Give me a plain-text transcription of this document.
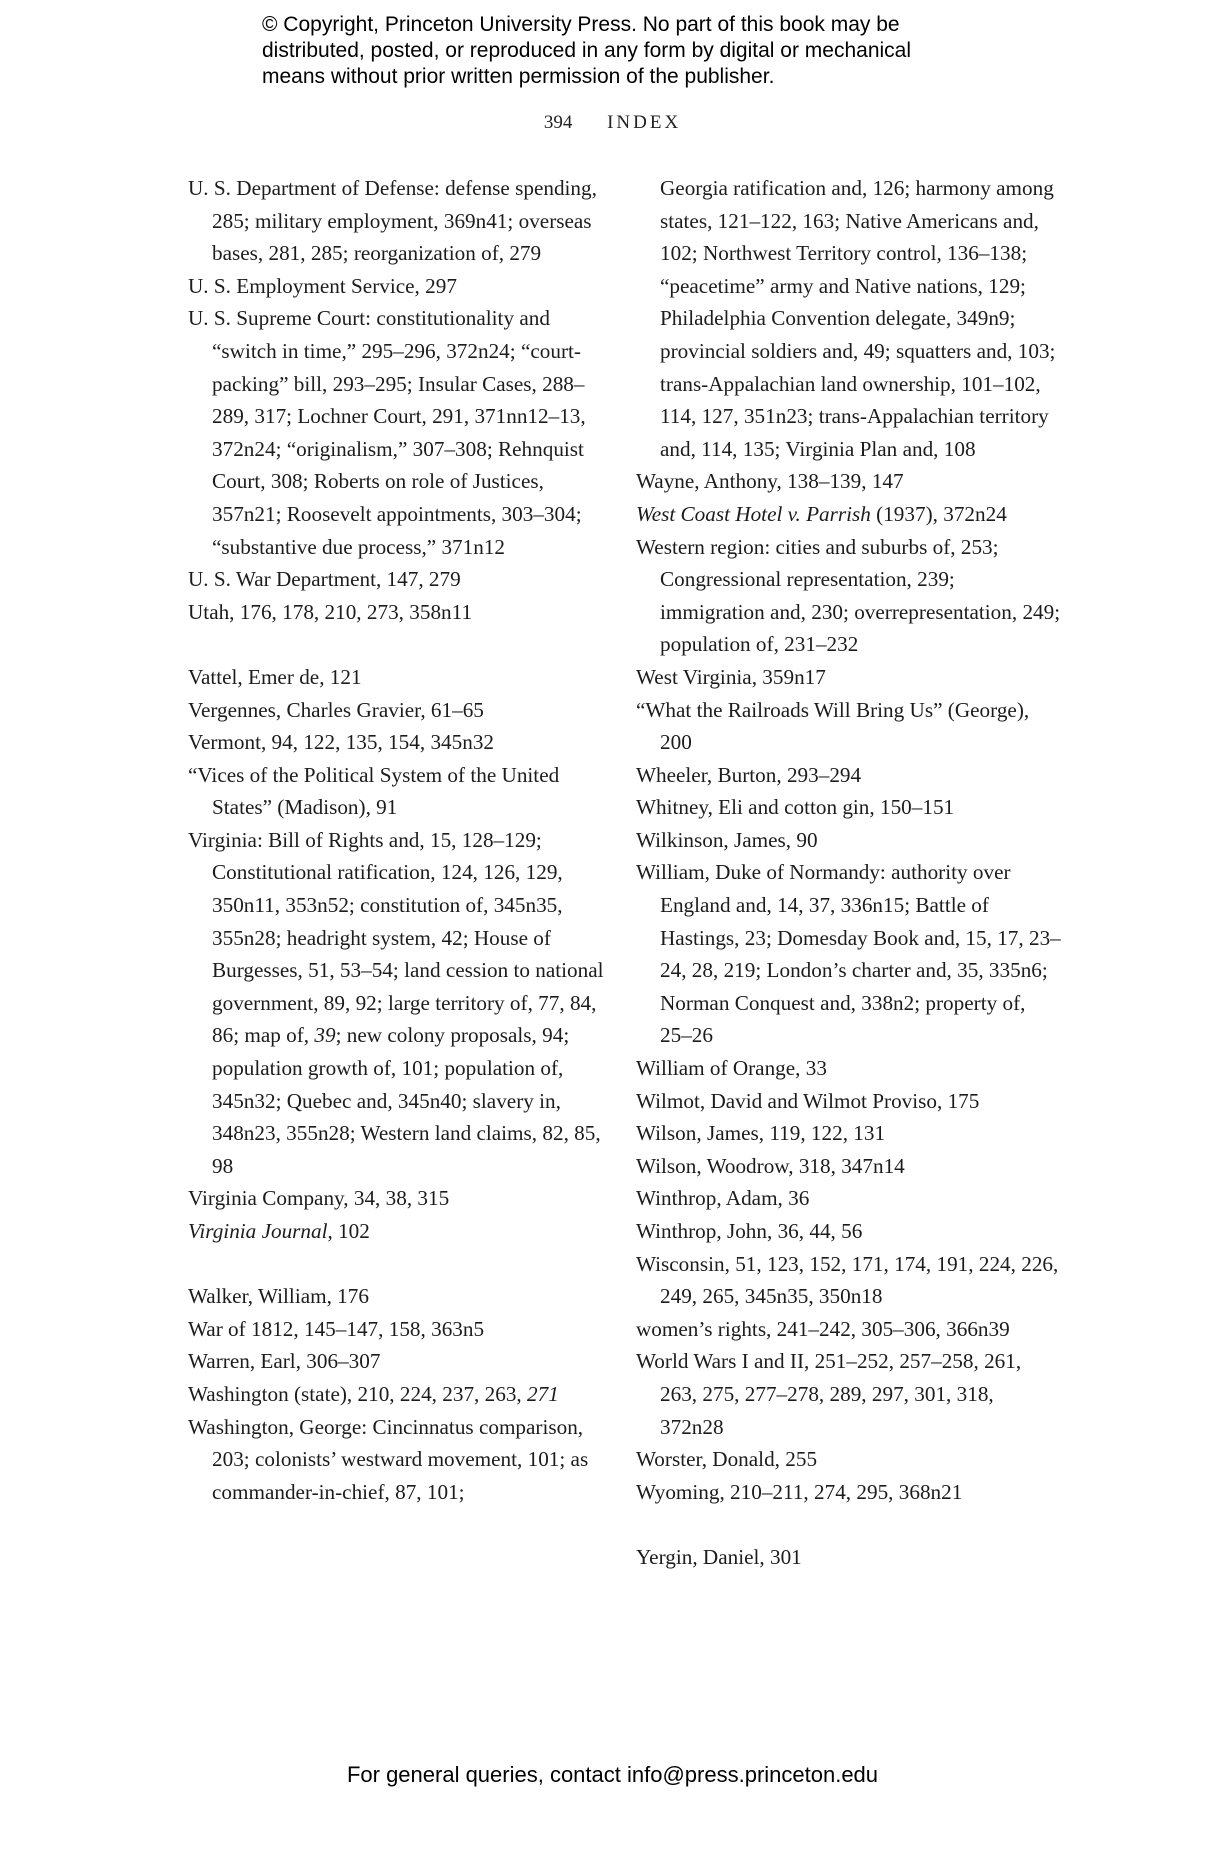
© Copyright, Princeton University Press. No part of this book may be
distributed, posted, or reproduced in any form by digital or mechanical
means without prior written permission of the publisher.
394 INDEX

U. S. Department of Defense: defense spending, 285; military employment, 369n41; overseas bases, 281, 285; reorganization of, 279

U. S. Employment Service, 297

U. S. Supreme Court: constitutionality and “switch in time,” 295–296, 372n24; “court-packing” bill, 293–295; Insular Cases, 288–289, 317; Lochner Court, 291, 371nn12–13, 372n24; “originalism,” 307–308; Rehnquist Court, 308; Roberts on role of Justices, 357n21; Roosevelt appointments, 303–304; “substantive due process,” 371n12

U. S. War Department, 147, 279

Utah, 176, 178, 210, 273, 358n11

Vattel, Emer de, 121

Vergennes, Charles Gravier, 61–65

Vermont, 94, 122, 135, 154, 345n32

“Vices of the Political System of the United States” (Madison), 91

Virginia: Bill of Rights and, 15, 128–129; Constitutional ratification, 124, 126, 129, 350n11, 353n52; constitution of, 345n35, 355n28; headright system, 42; House of Burgesses, 51, 53–54; land cession to national government, 89, 92; large territory of, 77, 84, 86; map of, 39; new colony proposals, 94; population growth of, 101; population of, 345n32; Quebec and, 345n40; slavery in, 348n23, 355n28; Western land claims, 82, 85, 98

Virginia Company, 34, 38, 315

Virginia Journal, 102

Walker, William, 176

War of 1812, 145–147, 158, 363n5

Warren, Earl, 306–307

Washington (state), 210, 224, 237, 263, 271

Washington, George: Cincinnatus comparison, 203; colonists’ westward movement, 101; as commander-in-chief, 87, 101;

Georgia ratification and, 126; harmony among states, 121–122, 163; Native Americans and, 102; Northwest Territory control, 136–138; “peacetime” army and Native nations, 129; Philadelphia Convention delegate, 349n9; provincial soldiers and, 49; squatters and, 103; trans-Appalachian land ownership, 101–102, 114, 127, 351n23; trans-Appalachian territory and, 114, 135; Virginia Plan and, 108

Wayne, Anthony, 138–139, 147

West Coast Hotel v. Parrish (1937), 372n24

Western region: cities and suburbs of, 253; Congressional representation, 239; immigration and, 230; overrepresentation, 249; population of, 231–232

West Virginia, 359n17

“What the Railroads Will Bring Us” (George), 200

Wheeler, Burton, 293–294

Whitney, Eli and cotton gin, 150–151

Wilkinson, James, 90

William, Duke of Normandy: authority over England and, 14, 37, 336n15; Battle of Hastings, 23; Domesday Book and, 15, 17, 23–24, 28, 219; London’s charter and, 35, 335n6; Norman Conquest and, 338n2; property of, 25–26

William of Orange, 33

Wilmot, David and Wilmot Proviso, 175

Wilson, James, 119, 122, 131

Wilson, Woodrow, 318, 347n14

Winthrop, Adam, 36

Winthrop, John, 36, 44, 56

Wisconsin, 51, 123, 152, 171, 174, 191, 224, 226, 249, 265, 345n35, 350n18

women’s rights, 241–242, 305–306, 366n39

World Wars I and II, 251–252, 257–258, 261, 263, 275, 277–278, 289, 297, 301, 318, 372n28

Worster, Donald, 255

Wyoming, 210–211, 274, 295, 368n21

Yergin, Daniel, 301

For general queries, contact info@press.princeton.edu
